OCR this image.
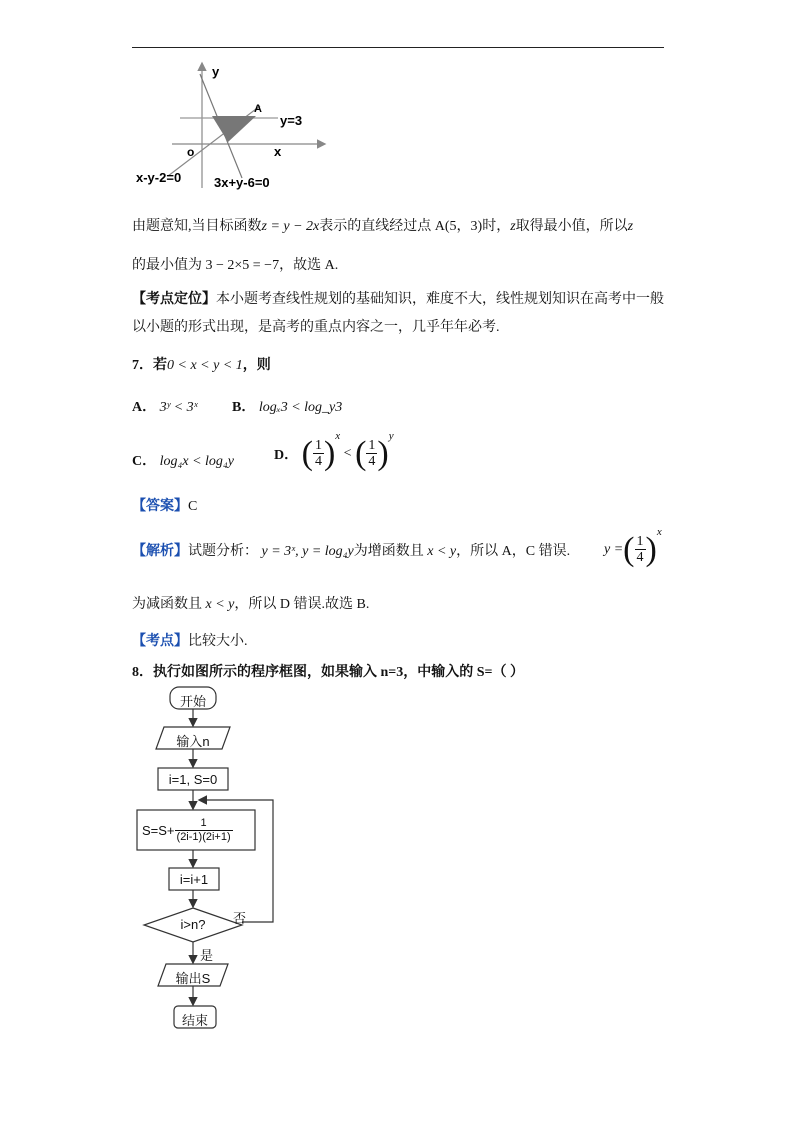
y
x
o
A
y=3
x-y-2=0	3x+y-6=0
由题意知,当目标函数z = y − 2x表示的直线经过点 A(5，3)时，z取得最小值，所以z
的最小值为 3 − 2×5 = −7，故选 A.
【考点定位】本小题考查线性规划的基础知识，难度不大，线性规划知识在高考中一般
以小题的形式出现，是高考的重点内容之一，几乎年年必考.
7．若0 < x < y < 1，则
A． 3ʸ < 3ˣ B． logₓ3 < log_y3
C． log₄x < log₄y	D． ( $\frac{1}{4} )^x$ < ( $\frac{1}{4} )^y$
【答案】C
【解析】试题分析： y = 3ˣ, y = log₄y为增函数且 x < y，所以 A，C 错误. y =( $\frac{1}{4} )^x$
为减函数且 x < y，所以 D 错误.故选 B.
【考点】比较大小.
8．执行如图所示的程序框图，如果输入 n=3，中输入的 S=（ ）
开始
输入n
i=1, S=0
$S=S+ \frac{1}{(2i-1)(2i+1)}$
i=i+1
i>n?	否
是
输出S
结束
